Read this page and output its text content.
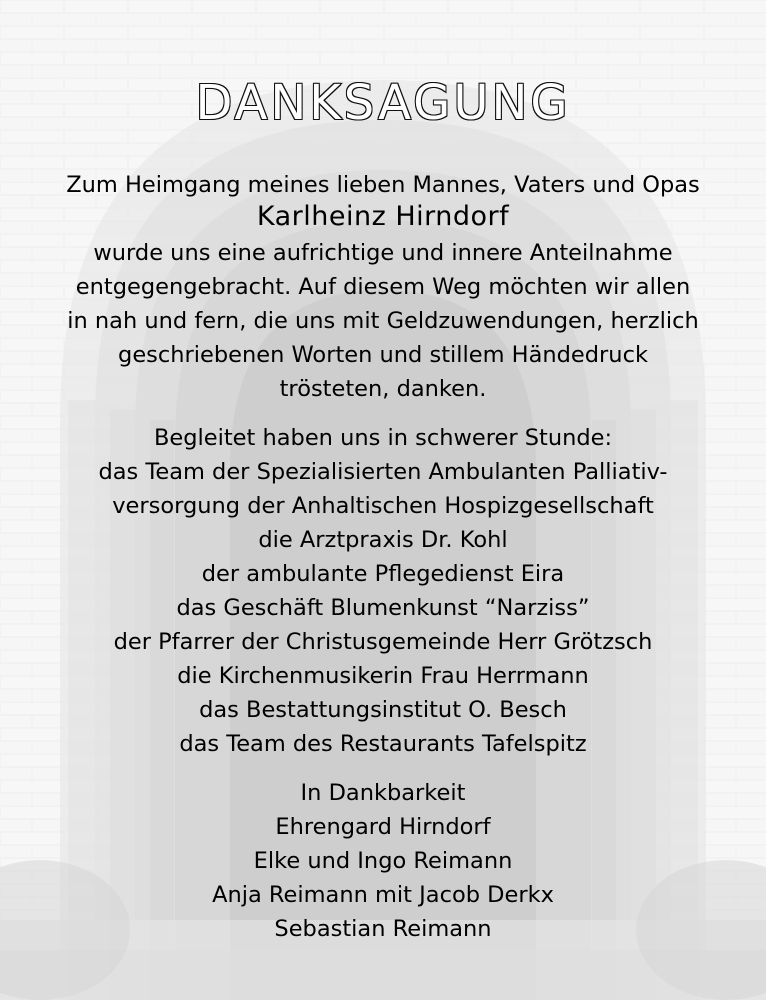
DANKSAGUNG
Zum Heimgang meines lieben Mannes, Vaters und Opas
Karlheinz Hirndorf
wurde uns eine aufrichtige und innere Anteilnahme
entgegengebracht. Auf diesem Weg möchten wir allen
in nah und fern, die uns mit Geldzuwendungen, herzlich
geschriebenen Worten und stillem Händedruck
trösteten, danken.
Begleitet haben uns in schwerer Stunde:
das Team der Spezialisierten Ambulanten Palliativ-
versorgung der Anhaltischen Hospizgesellschaft
die Arztpraxis Dr. Kohl
der ambulante Pflegedienst Eira
das Geschäft Blumenkunst “Narziss”
der Pfarrer der Christusgemeinde Herr Grötzsch
die Kirchenmusikerin Frau Herrmann
das Bestattungsinstitut O. Besch
das Team des Restaurants Tafelspitz
In Dankbarkeit
Ehrengard Hirndorf
Elke und Ingo Reimann
Anja Reimann mit Jacob Derkx
Sebastian Reimann
